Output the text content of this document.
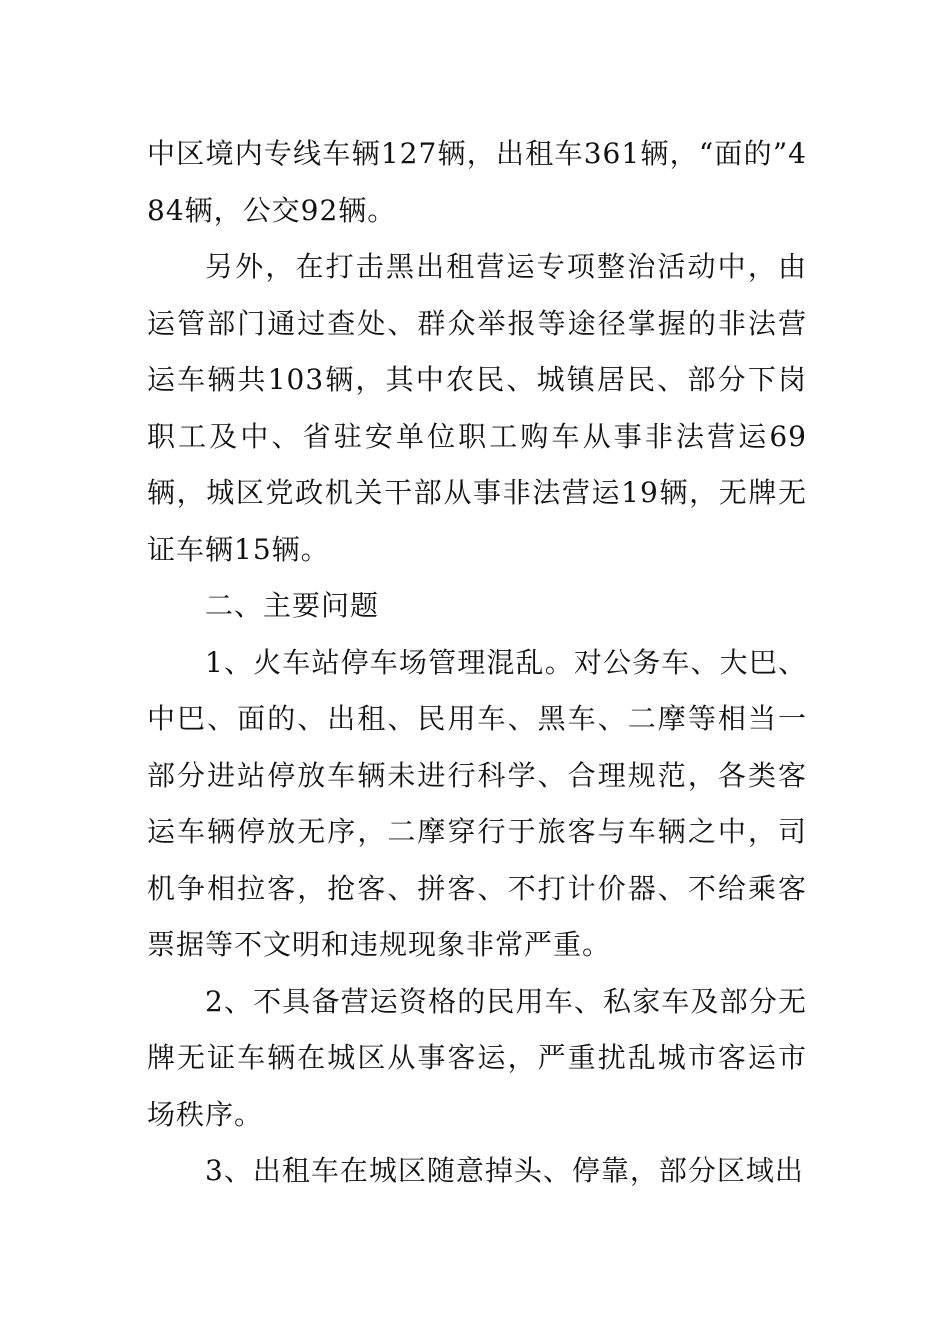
中区境内专线车辆127辆，出租车361辆，“面的”484辆，公交92辆。

另外，在打击黑出租营运专项整治活动中，由运管部门通过查处、群众举报等途径掌握的非法营运车辆共103辆，其中农民、城镇居民、部分下岗职工及中、省驻安单位职工购车从事非法营运69辆，城区党政机关干部从事非法营运19辆，无牌无证车辆15辆。

二、主要问题

1、火车站停车场管理混乱。对公务车、大巴、中巴、面的、出租、民用车、黑车、二摩等相当一部分进站停放车辆未进行科学、合理规范，各类客运车辆停放无序，二摩穿行于旅客与车辆之中，司机争相拉客，抢客、拼客、不打计价器、不给乘客票据等不文明和违规现象非常严重。

2、不具备营运资格的民用车、私家车及部分无牌无证车辆在城区从事客运，严重扰乱城市客运市场秩序。

3、出租车在城区随意掉头、停靠，部分区域出
